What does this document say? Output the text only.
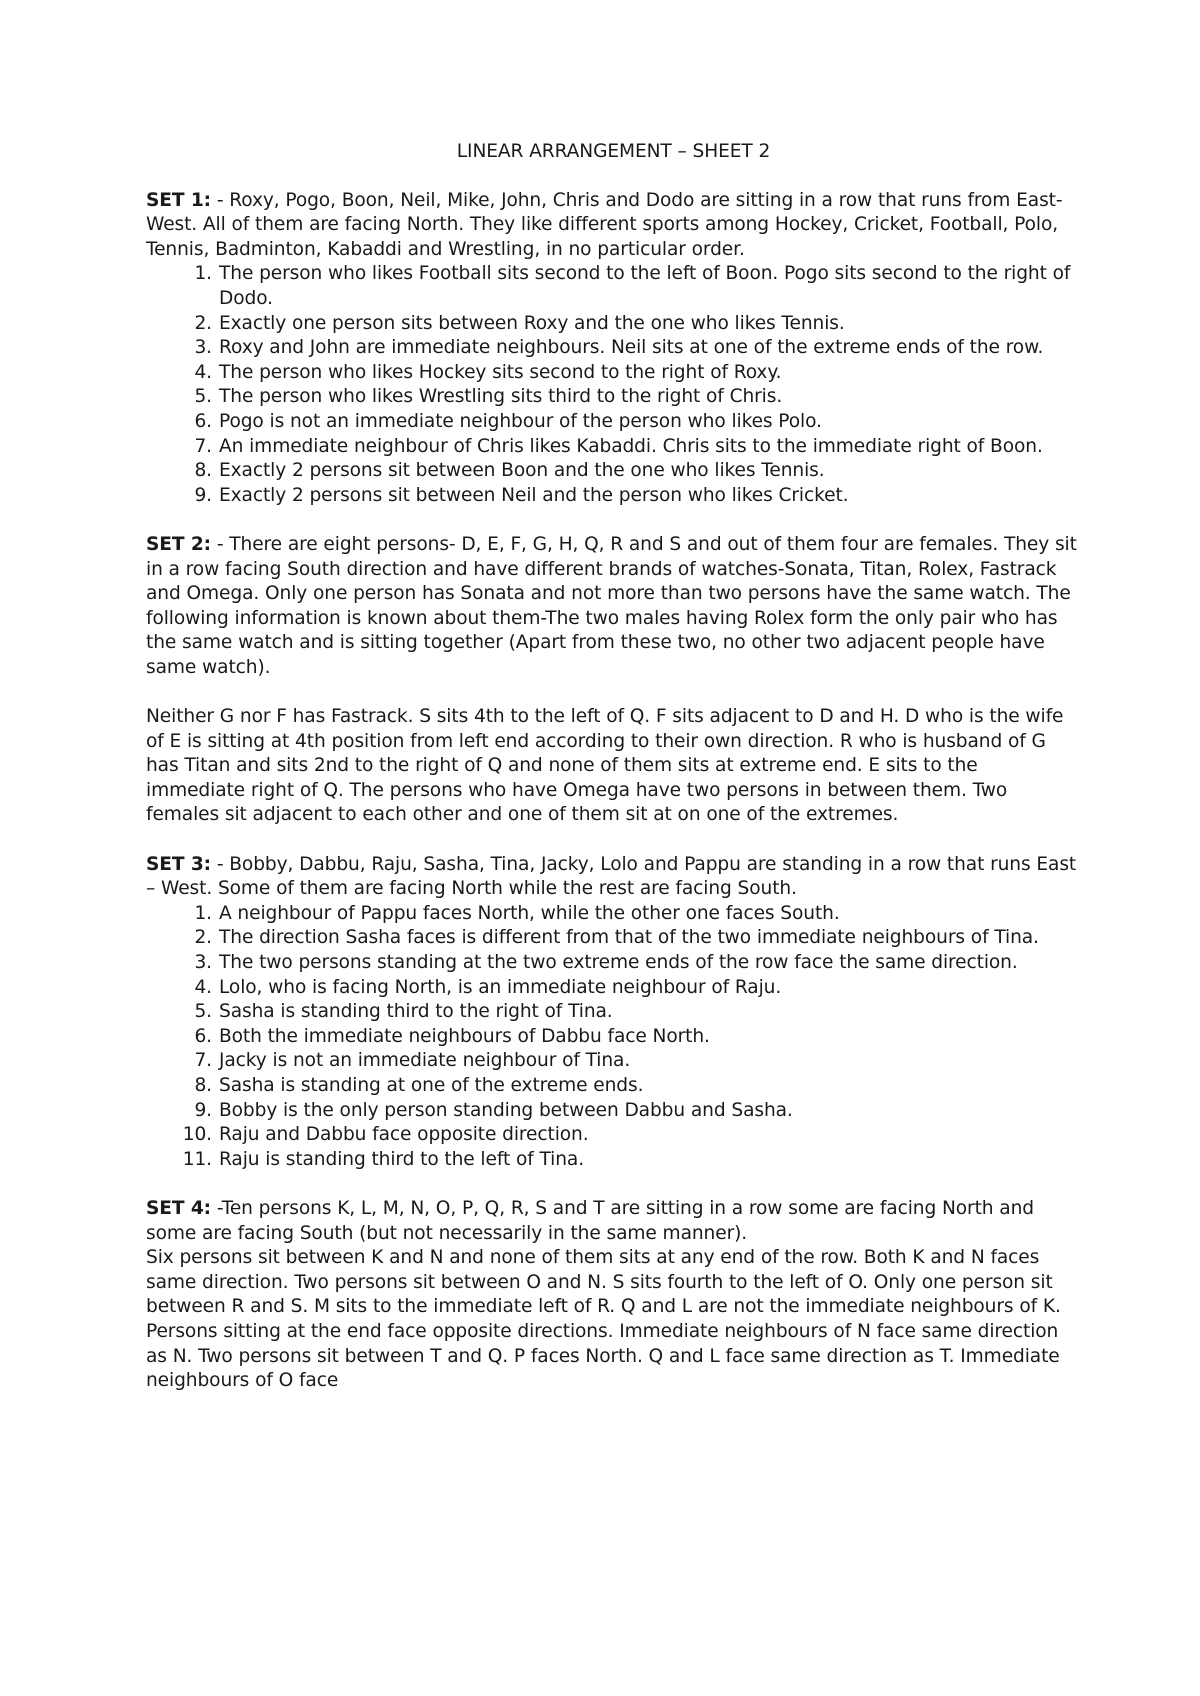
LINEAR ARRANGEMENT – SHEET 2

SET 1: - Roxy, Pogo, Boon, Neil, Mike, John, Chris and Dodo are sitting in a row that runs from East-West. All of them are facing North. They like different sports among Hockey, Cricket, Football, Polo, Tennis, Badminton, Kabaddi and Wrestling, in no particular order.

1. The person who likes Football sits second to the left of Boon. Pogo sits second to the right of Dodo.
2. Exactly one person sits between Roxy and the one who likes Tennis.
3. Roxy and John are immediate neighbours. Neil sits at one of the extreme ends of the row.
4. The person who likes Hockey sits second to the right of Roxy.
5. The person who likes Wrestling sits third to the right of Chris.
6. Pogo is not an immediate neighbour of the person who likes Polo.
7. An immediate neighbour of Chris likes Kabaddi. Chris sits to the immediate right of Boon.
8. Exactly 2 persons sit between Boon and the one who likes Tennis.
9. Exactly 2 persons sit between Neil and the person who likes Cricket.

SET 2: - There are eight persons- D, E, F, G, H, Q, R and S and out of them four are females. They sit in a row facing South direction and have different brands of watches-Sonata, Titan, Rolex, Fastrack and Omega. Only one person has Sonata and not more than two persons have the same watch. The following information is known about them-The two males having Rolex form the only pair who has the same watch and is sitting together (Apart from these two, no other two adjacent people have same watch).

Neither G nor F has Fastrack. S sits 4th to the left of Q. F sits adjacent to D and H. D who is the wife of E is sitting at 4th position from left end according to their own direction. R who is husband of G has Titan and sits 2nd to the right of Q and none of them sits at extreme end. E sits to the immediate right of Q. The persons who have Omega have two persons in between them. Two females sit adjacent to each other and one of them sit at on one of the extremes.

SET 3: - Bobby, Dabbu, Raju, Sasha, Tina, Jacky, Lolo and Pappu are standing in a row that runs East – West. Some of them are facing North while the rest are facing South.

1. A neighbour of Pappu faces North, while the other one faces South.
2. The direction Sasha faces is different from that of the two immediate neighbours of Tina.
3. The two persons standing at the two extreme ends of the row face the same direction.
4. Lolo, who is facing North, is an immediate neighbour of Raju.
5. Sasha is standing third to the right of Tina.
6. Both the immediate neighbours of Dabbu face North.
7. Jacky is not an immediate neighbour of Tina.
8. Sasha is standing at one of the extreme ends.
9. Bobby is the only person standing between Dabbu and Sasha.
10. Raju and Dabbu face opposite direction.
11. Raju is standing third to the left of Tina.

SET 4: -Ten persons K, L, M, N, O, P, Q, R, S and T are sitting in a row some are facing North and some are facing South (but not necessarily in the same manner).

Six persons sit between K and N and none of them sits at any end of the row. Both K and N faces same direction. Two persons sit between O and N. S sits fourth to the left of O. Only one person sit between R and S. M sits to the immediate left of R. Q and L are not the immediate neighbours of K. Persons sitting at the end face opposite directions. Immediate neighbours of N face same direction as N. Two persons sit between T and Q. P faces North. Q and L face same direction as T. Immediate neighbours of O face
